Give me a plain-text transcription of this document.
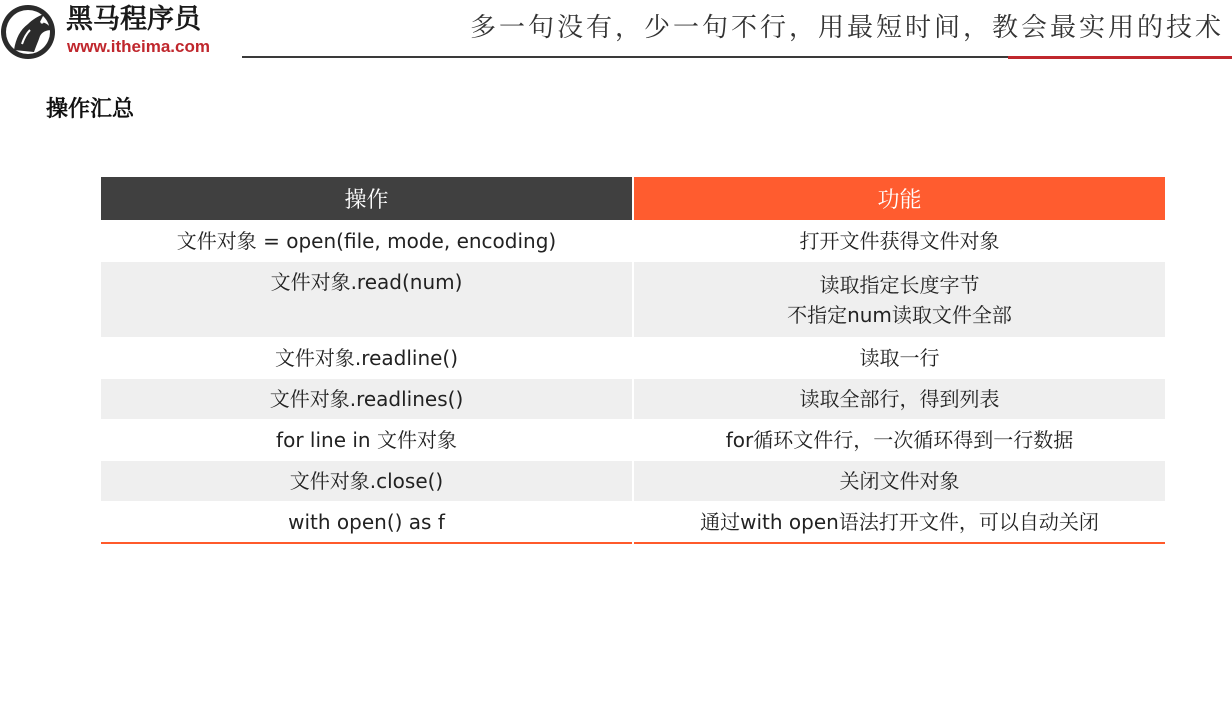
黑马程序员
www.itheima.com
多一句没有，少一句不行，用最短时间，教会最实用的技术
操作汇总
操作	功能
文件对象 = open(file, mode, encoding)	打开文件获得文件对象
文件对象.read(num)	读取指定长度字节
不指定num读取文件全部

文件对象.readline()	读取一行
文件对象.readlines()	读取全部行，得到列表
for line in 文件对象	for循环文件行，一次循环得到一行数据
文件对象.close()	关闭文件对象
with open() as f	通过with open语法打开文件，可以自动关闭
